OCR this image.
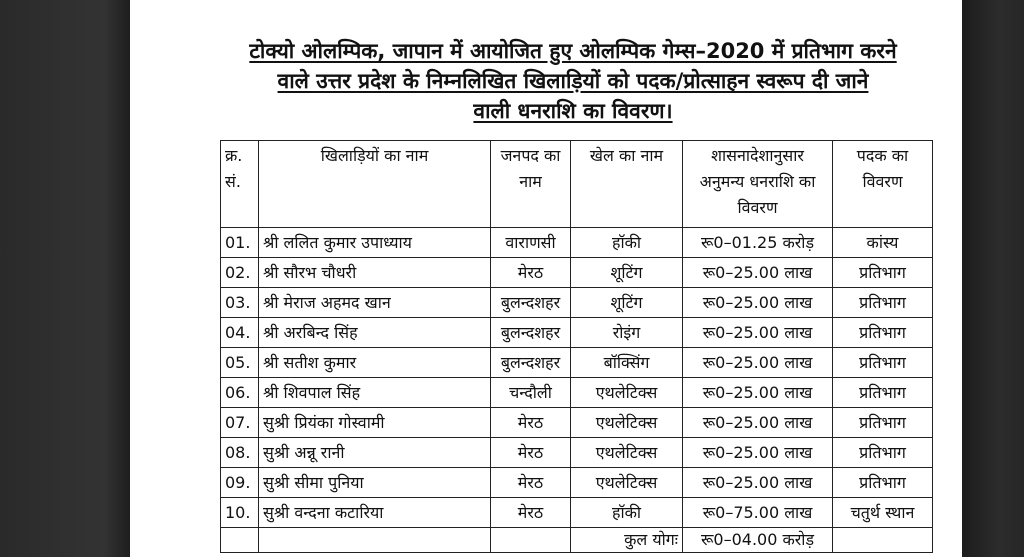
टोक्यो ओलम्पिक, जापान में आयोजित हुए ओलम्पिक गेम्स–2020 में प्रतिभाग करने
वाले उत्तर प्रदेश के निम्नलिखित खिलाड़ियों को पदक/प्रोत्साहन स्वरूप दी जाने
वाली धनराशि का विवरण।
क्र. सं.	खिलाड़ियों का नाम	जनपद का नाम	खेल का नाम	शासनादेशानुसार अनुमन्य धनराशि का विवरण	पदक का विवरण
01.	श्री ललित कुमार उपाध्याय	वाराणसी	हॉकी	रू0–01.25 करोड़	कांस्य
02.	श्री सौरभ चौधरी	मेरठ	शूटिंग	रू0–25.00 लाख	प्रतिभाग
03.	श्री मेराज अहमद खान	बुलन्दशहर	शूटिंग	रू0–25.00 लाख	प्रतिभाग
04.	श्री अरबिन्द सिंह	बुलन्दशहर	रोइंग	रू0–25.00 लाख	प्रतिभाग
05.	श्री सतीश कुमार	बुलन्दशहर	बॉक्सिंग	रू0–25.00 लाख	प्रतिभाग
06.	श्री शिवपाल सिंह	चन्दौली	एथलेटिक्स	रू0–25.00 लाख	प्रतिभाग
07.	सुश्री प्रियंका गोस्वामी	मेरठ	एथलेटिक्स	रू0–25.00 लाख	प्रतिभाग
08.	सुश्री अन्नू रानी	मेरठ	एथलेटिक्स	रू0–25.00 लाख	प्रतिभाग
09.	सुश्री सीमा पुनिया	मेरठ	एथलेटिक्स	रू0–25.00 लाख	प्रतिभाग
10.	सुश्री वन्दना कटारिया	मेरठ	हॉकी	रू0–75.00 लाख	चतुर्थ स्थान
			कुल योगः	रू0–04.00 करोड़	
